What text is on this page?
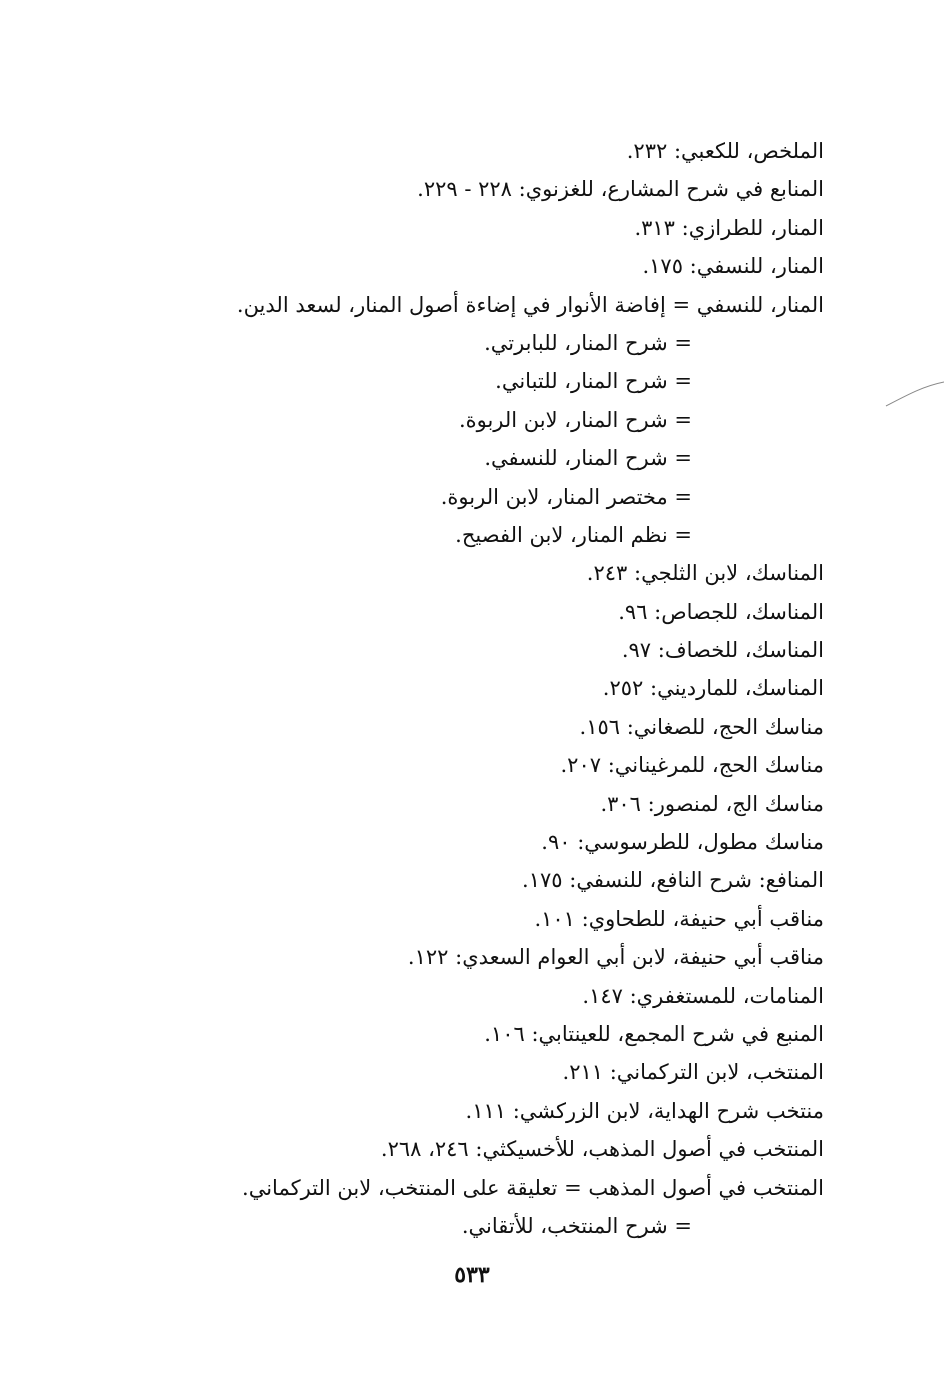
الملخص، للكعبي: ٢٣٢.
المنابع في شرح المشارع، للغزنوي: ٢٢٨ - ٢٢٩.
المنار، للطرازي: ٣١٣.
المنار، للنسفي: ١٧٥.
المنار، للنسفي = إفاضة الأنوار في إضاءة أصول المنار، لسعد الدين.
= شرح المنار، للبابرتي.
= شرح المنار، للتباني.
= شرح المنار، لابن الربوة.
= شرح المنار، للنسفي.
= مختصر المنار، لابن الربوة.
= نظم المنار، لابن الفصيح.
المناسك، لابن الثلجي: ٢٤٣.
المناسك، للجصاص: ٩٦.
المناسك، للخصاف: ٩٧.
المناسك، للماردیني: ٢٥٢.
مناسك الحج، للصغاني: ١٥٦.
مناسك الحج، للمرغيناني: ٢٠٧.
مناسك الج، لمنصور: ٣٠٦.
مناسك مطول، للطرسوسي: ٩٠.
المنافع: شرح النافع، للنسفي: ١٧٥.
مناقب أبي حنيفة، للطحاوي: ١٠١.
مناقب أبي حنيفة، لابن أبي العوام السعدي: ١٢٢.
المنامات، للمستغفري: ١٤٧.
المنبع في شرح المجمع، للعينتابي: ١٠٦.
المنتخب، لابن التركماني: ٢١١.
منتخب شرح الهداية، لابن الزركشي: ١١١.
المنتخب في أصول المذهب، للأخسيكثي: ٢٤٦، ٢٦٨.
المنتخب في أصول المذهب = تعليقة على المنتخب، لابن التركماني.
= شرح المنتخب، للأتقاني.
٥٣٣
